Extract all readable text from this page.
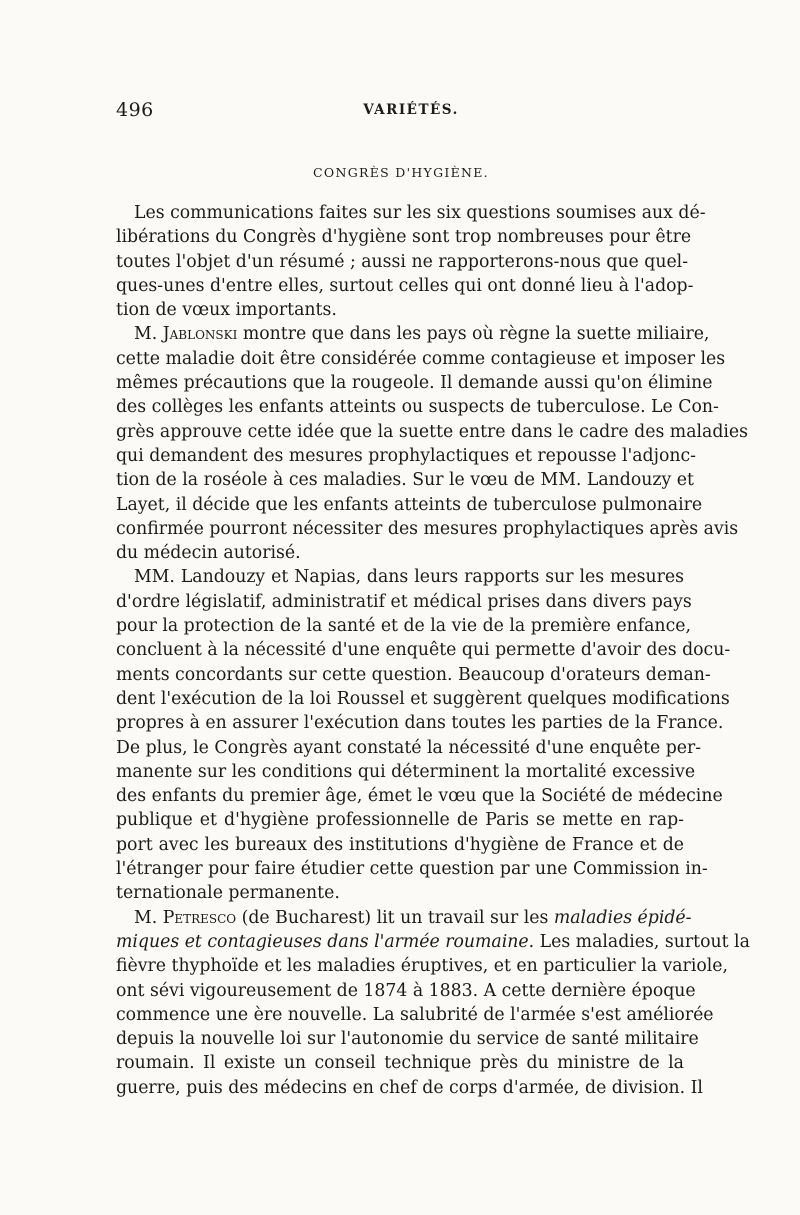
496	VARIÉTÉS.
CONGRÈS D'HYGIÈNE.
Les communications faites sur les six questions soumises aux dé-
libérations du Congrès d'hygiène sont trop nombreuses pour être
toutes l'objet d'un résumé ; aussi ne rapporterons-nous que quel-
ques-unes d'entre elles, surtout celles qui ont donné lieu à l'adop-
tion de vœux importants.
M. Jablonski montre que dans les pays où règne la suette miliaire,
cette maladie doit être considérée comme contagieuse et imposer les
mêmes précautions que la rougeole. Il demande aussi qu'on élimine
des collèges les enfants atteints ou suspects de tuberculose. Le Con-
grès approuve cette idée que la suette entre dans le cadre des maladies
qui demandent des mesures prophylactiques et repousse l'adjonc-
tion de la roséole à ces maladies. Sur le vœu de MM. Landouzy et
Layet, il décide que les enfants atteints de tuberculose pulmonaire
confirmée pourront nécessiter des mesures prophylactiques après avis
du médecin autorisé.
MM. Landouzy et Napias, dans leurs rapports sur les mesures
d'ordre législatif, administratif et médical prises dans divers pays
pour la protection de la santé et de la vie de la première enfance,
concluent à la nécessité d'une enquête qui permette d'avoir des docu-
ments concordants sur cette question. Beaucoup d'orateurs deman-
dent l'exécution de la loi Roussel et suggèrent quelques modifications
propres à en assurer l'exécution dans toutes les parties de la France.
De plus, le Congrès ayant constaté la nécessité d'une enquête per-
manente sur les conditions qui déterminent la mortalité excessive
des enfants du premier âge, émet le vœu que la Société de médecine
publique et d'hygiène professionnelle de Paris se mette en rap-
port avec les bureaux des institutions d'hygiène de France et de
l'étranger pour faire étudier cette question par une Commission in-
ternationale permanente.
M. Petresco (de Bucharest) lit un travail sur les maladies épidé-
miques et contagieuses dans l'armée roumaine. Les maladies, surtout la
fièvre thyphoïde et les maladies éruptives, et en particulier la variole,
ont sévi vigoureusement de 1874 à 1883. A cette dernière époque
commence une ère nouvelle. La salubrité de l'armée s'est améliorée
depuis la nouvelle loi sur l'autonomie du service de santé militaire
roumain. Il existe un conseil technique près du ministre de la
guerre, puis des médecins en chef de corps d'armée, de division. Il
